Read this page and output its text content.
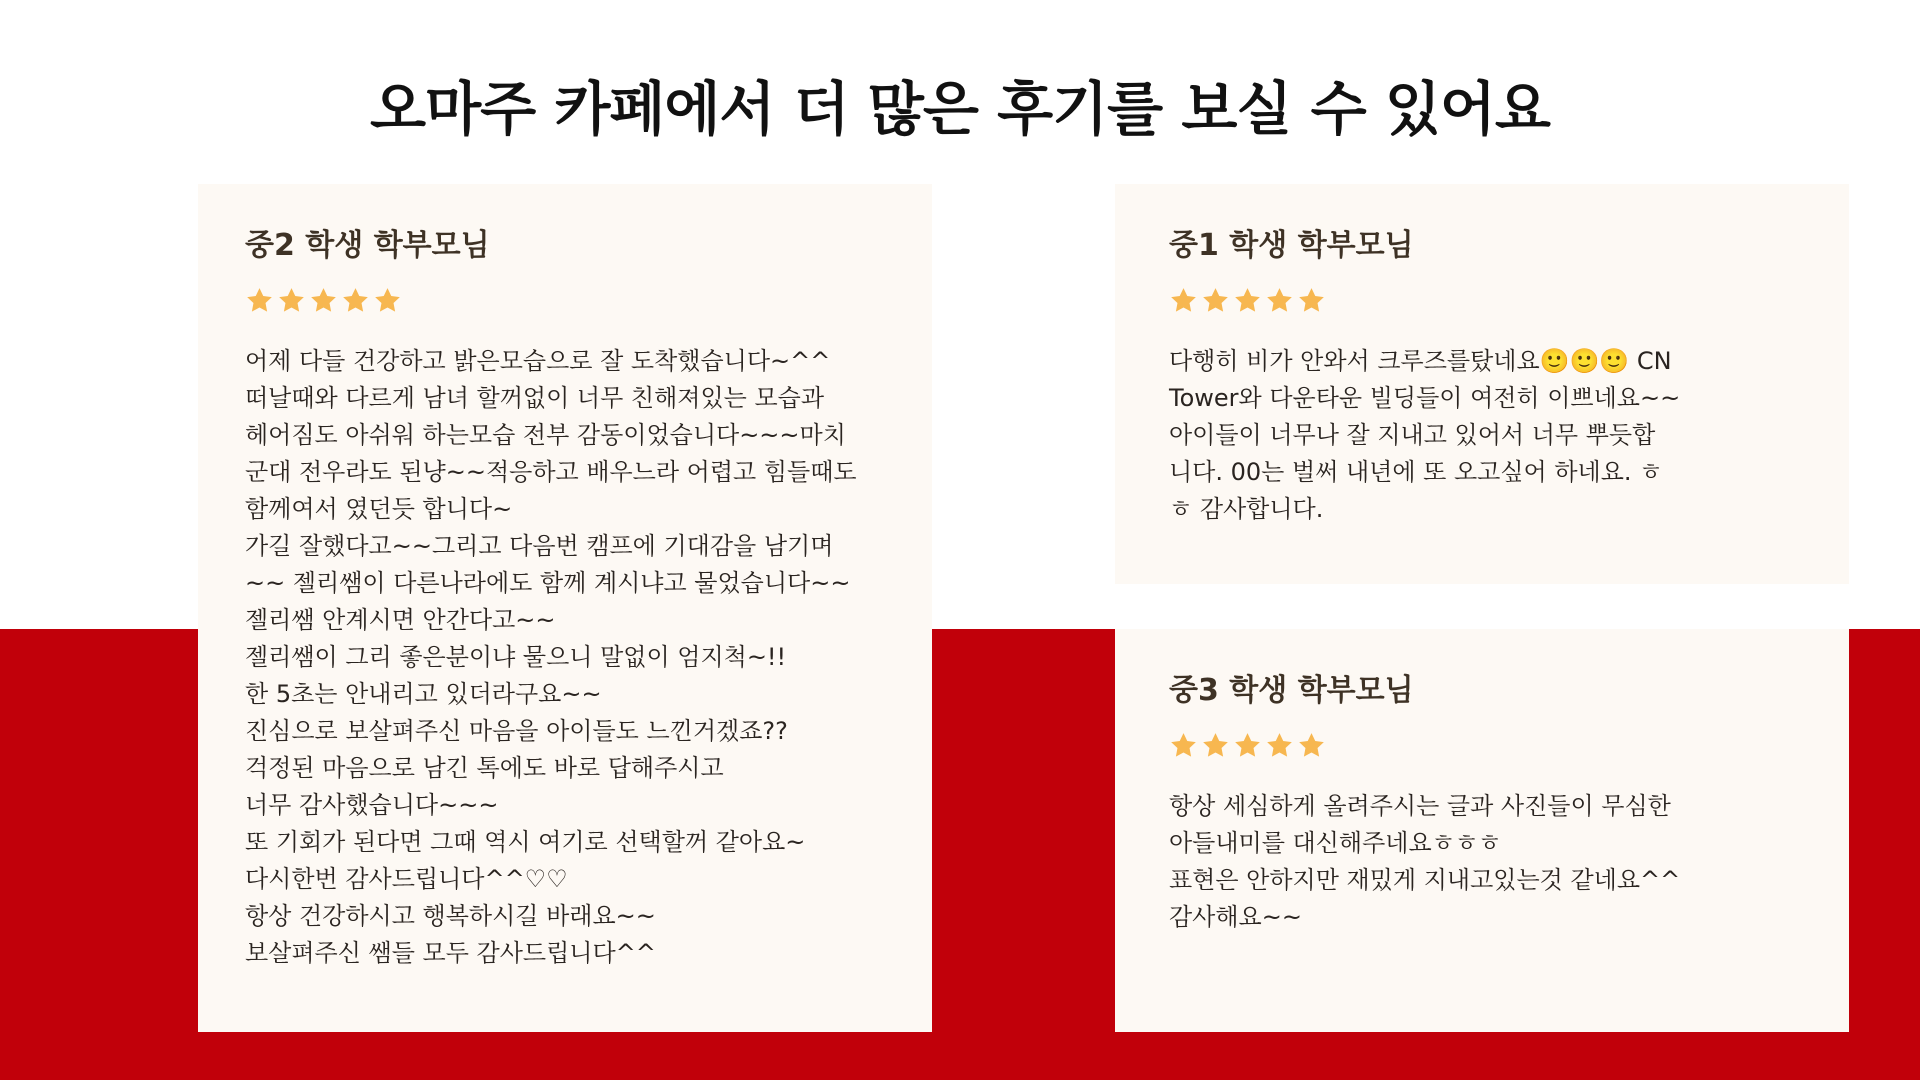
오마주 카페에서 더 많은 후기를 보실 수 있어요
중2 학생 학부모님
어제 다들 건강하고 밝은모습으로 잘 도착했습니다~^^
떠날때와 다르게 남녀 할꺼없이 너무 친해져있는 모습과
헤어짐도 아쉬워 하는모습 전부 감동이었습니다~~~마치
군대 전우라도 된냥~~적응하고 배우느라 어렵고 힘들때도
함께여서 였던듯 합니다~
가길 잘했다고~~그리고 다음번 캠프에 기대감을 남기며
~~ 젤리쌤이 다른나라에도 함께 계시냐고 물었습니다~~
젤리쌤 안계시면 안간다고~~
젤리쌤이 그리 좋은분이냐 물으니 말없이 엄지척~!!
한 5초는 안내리고 있더라구요~~
진심으로 보살펴주신 마음을 아이들도 느낀거겠죠??
걱정된 마음으로 남긴 톡에도 바로 답해주시고
너무 감사했습니다~~~
또 기회가 된다면 그때 역시 여기로 선택할꺼 같아요~
다시한번 감사드립니다^^♡♡
항상 건강하시고 행복하시길 바래요~~
보살펴주신 쌤들 모두 감사드립니다^^
중1 학생 학부모님
다행히 비가 안와서 크루즈를탔네요🙂🙂🙂 CN
Tower와 다운타운 빌딩들이 여전히 이쁘네요~~
아이들이 너무나 잘 지내고 있어서 너무 뿌듯합
니다. 00는 벌써 내년에 또 오고싶어 하네요. ㅎ
ㅎ 감사합니다.
중3 학생 학부모님
항상 세심하게 올려주시는 글과 사진들이 무심한
아들내미를 대신해주네요ㅎㅎㅎ
표현은 안하지만 재밌게 지내고있는것 같네요^^
감사해요~~
